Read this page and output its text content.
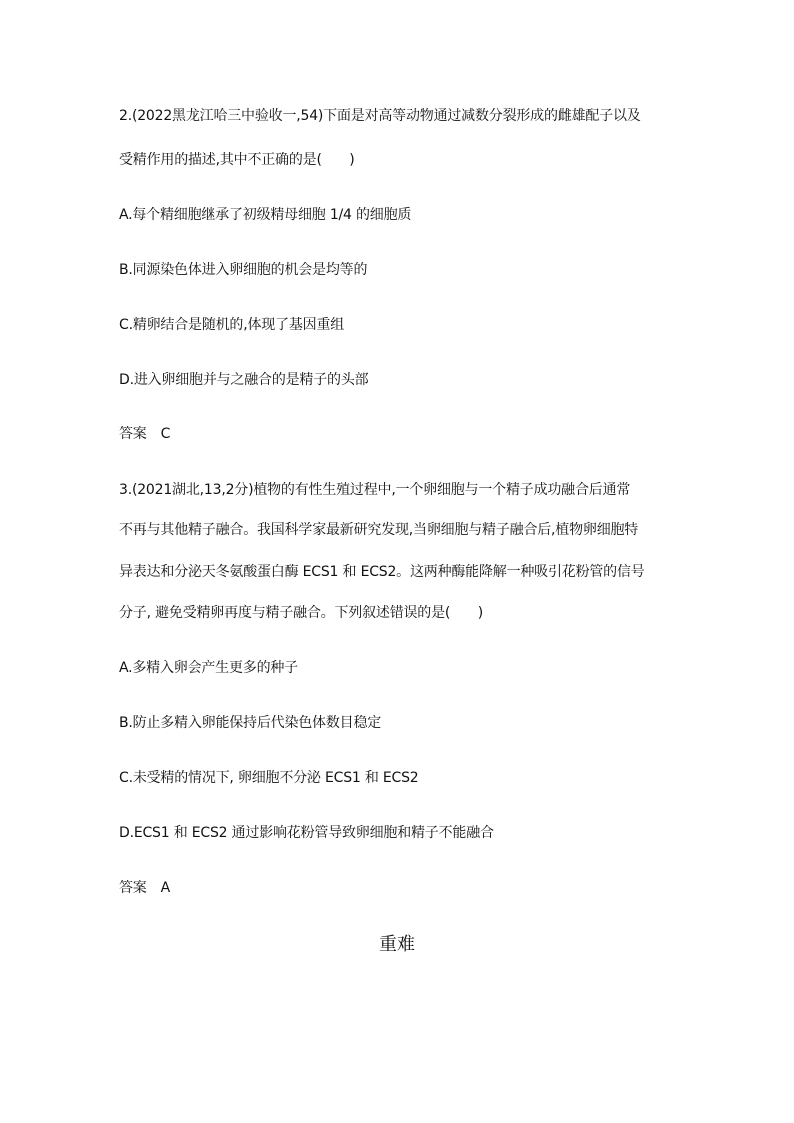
2.(2022黑龙江哈三中验收一,54)下面是对高等动物通过减数分裂形成的雌雄配子以及
受精作用的描述,其中不正确的是(　　)
A.每个精细胞继承了初级精母细胞 1/4 的细胞质
B.同源染色体进入卵细胞的机会是均等的
C.精卵结合是随机的,体现了基因重组
D.进入卵细胞并与之融合的是精子的头部
答案 C
3.(2021湖北,13,2分)植物的有性生殖过程中,一个卵细胞与一个精子成功融合后通常
不再与其他精子融合。我国科学家最新研究发现,当卵细胞与精子融合后,植物卵细胞特
异表达和分泌天冬氨酸蛋白酶 ECS1 和 ECS2。这两种酶能降解一种吸引花粉管的信号
分子, 避免受精卵再度与精子融合。下列叙述错误的是(　　)
A.多精入卵会产生更多的种子
B.防止多精入卵能保持后代染色体数目稳定
C.未受精的情况下, 卵细胞不分泌 ECS1 和 ECS2
D.ECS1 和 ECS2 通过影响花粉管导致卵细胞和精子不能融合
答案 A
重难
